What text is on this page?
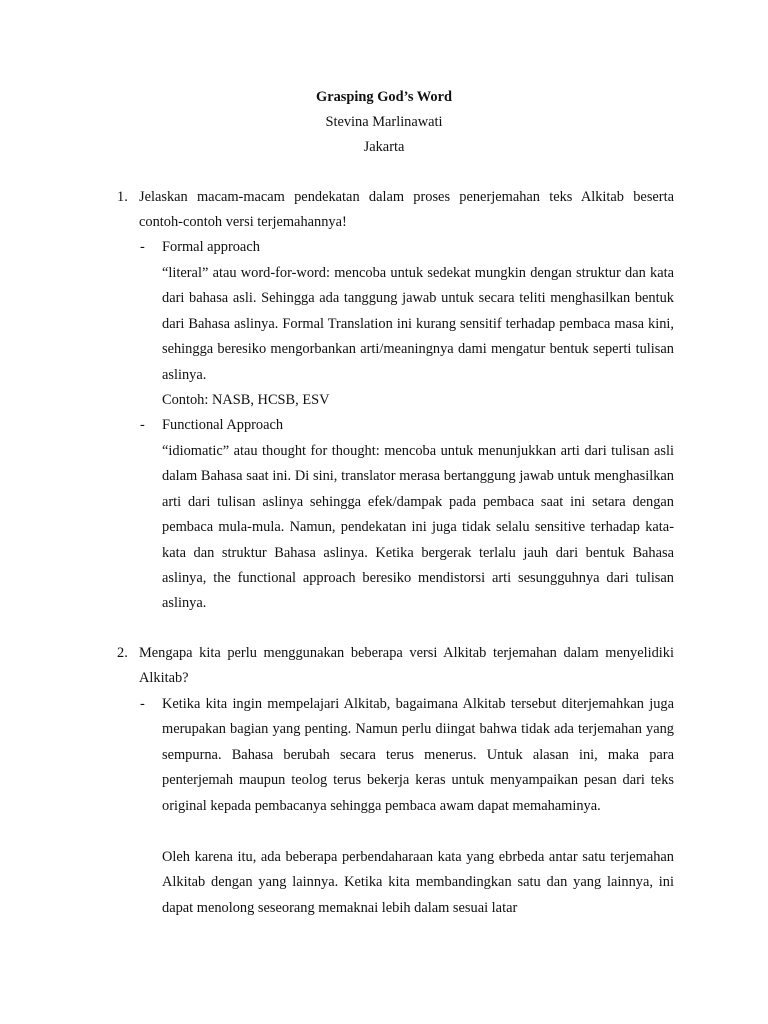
Grasping God’s Word
Stevina Marlinawati
Jakarta
1. Jelaskan macam-macam pendekatan dalam proses penerjemahan teks Alkitab beserta contoh-contoh versi terjemahannya!
- Formal approach
“literal” atau word-for-word: mencoba untuk sedekat mungkin dengan struktur dan kata dari bahasa asli. Sehingga ada tanggung jawab untuk secara teliti menghasilkan bentuk dari Bahasa aslinya. Formal Translation ini kurang sensitif terhadap pembaca masa kini, sehingga beresiko mengorbankan arti/meaningnya dami mengatur bentuk seperti tulisan aslinya.
Contoh: NASB, HCSB, ESV
- Functional Approach
“idiomatic” atau thought for thought: mencoba untuk menunjukkan arti dari tulisan asli dalam Bahasa saat ini. Di sini, translator merasa bertanggung jawab untuk menghasilkan arti dari tulisan aslinya sehingga efek/dampak pada pembaca saat ini setara dengan pembaca mula-mula. Namun, pendekatan ini juga tidak selalu sensitive terhadap kata-kata dan struktur Bahasa aslinya. Ketika bergerak terlalu jauh dari bentuk Bahasa aslinya, the functional approach beresiko mendistorsi arti sesungguhnya dari tulisan aslinya.
2. Mengapa kita perlu menggunakan beberapa versi Alkitab terjemahan dalam menyelidiki Alkitab?
- Ketika kita ingin mempelajari Alkitab, bagaimana Alkitab tersebut diterjemahkan juga merupakan bagian yang penting. Namun perlu diingat bahwa tidak ada terjemahan yang sempurna. Bahasa berubah secara terus menerus. Untuk alasan ini, maka para penterjemah maupun teolog terus bekerja keras untuk menyampaikan pesan dari teks original kepada pembacanya sehingga pembaca awam dapat memahaminya.
Oleh karena itu, ada beberapa perbendaharaan kata yang ebrbeda antar satu terjemahan Alkitab dengan yang lainnya. Ketika kita membandingkan satu dan yang lainnya, ini dapat menolong seseorang memaknai lebih dalam sesuai latar
